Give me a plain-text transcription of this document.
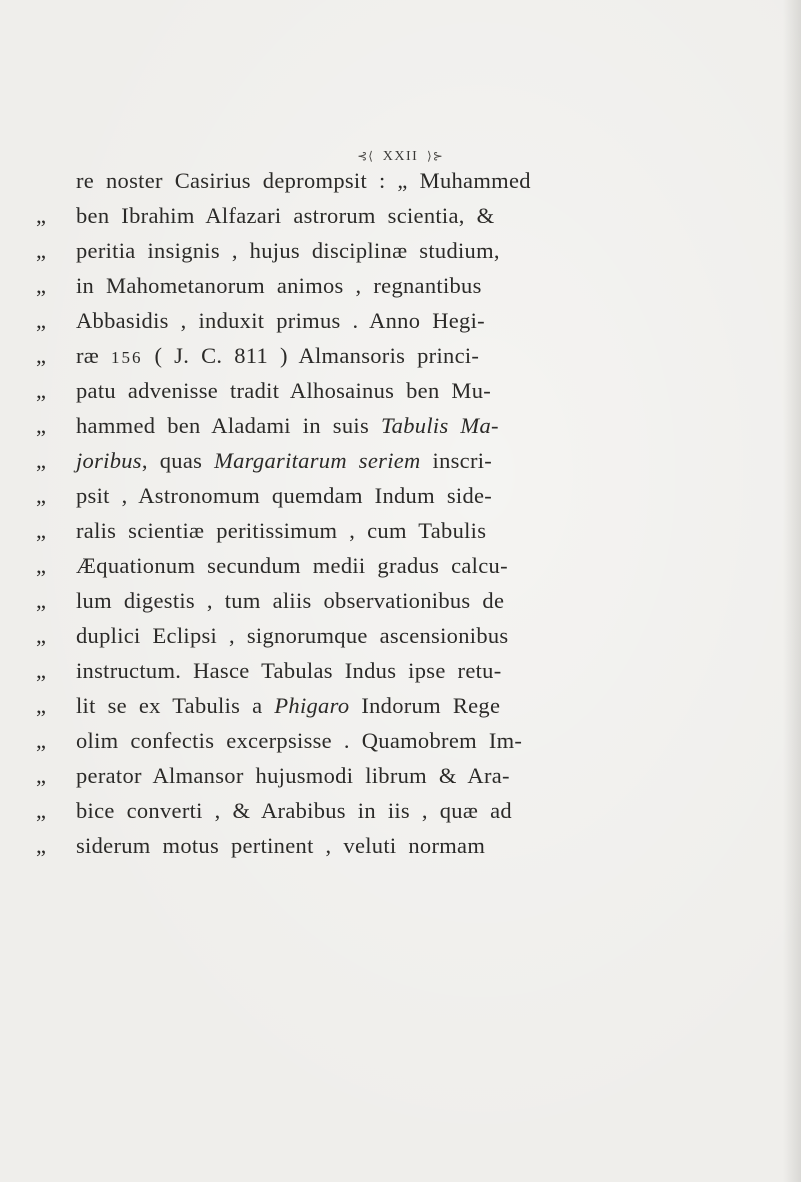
⊰⟨ XXII ⟩⊱
re noster Casirius deprompsit : „ Muhammed
„	ben Ibrahim Alfazari astrorum scientia, &
„	peritia insignis , hujus disciplinæ studium,
„	in Mahometanorum animos , regnantibus
„	Abbasidis , induxit primus . Anno Hegi-
„	ræ 156 ( J. C. 811 ) Almansoris princi-
„	patu advenisse tradit Alhosainus ben Mu-
„	hammed ben Aladami in suis Tabulis Ma-
„	joribus, quas Margaritarum seriem inscri-
„	psit , Astronomum quemdam Indum side-
„	ralis scientiæ peritissimum , cum Tabulis
„	Æquationum secundum medii gradus calcu-
„	lum digestis , tum aliis observationibus de
„	duplici Eclipsi , signorumque ascensionibus
„	instructum. Hasce Tabulas Indus ipse retu-
„	lit se ex Tabulis a Phigaro Indorum Rege
„	olim confectis excerpsisse . Quamobrem Im-
„	perator Almansor hujusmodi librum & Ara-
„	bice converti , & Arabibus in iis , quæ ad
„	siderum motus pertinent , veluti normam
